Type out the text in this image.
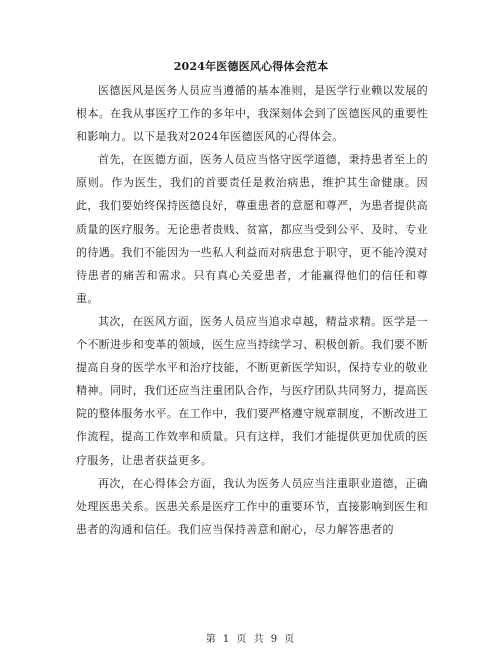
2024年医德医风心得体会范本

医德医风是医务人员应当遵循的基本准则，是医学行业赖以发展的根本。在我从事医疗工作的多年中，我深刻体会到了医德医风的重要性和影响力。以下是我对2024年医德医风的心得体会。

首先，在医德方面，医务人员应当恪守医学道德，秉持患者至上的原则。作为医生，我们的首要责任是救治病患，维护其生命健康。因此，我们要始终保持医德良好，尊重患者的意愿和尊严，为患者提供高质量的医疗服务。无论患者贵贱、贫富，都应当受到公平、及时、专业的待遇。我们不能因为一些私人利益而对病患怠于职守，更不能冷漠对待患者的痛苦和需求。只有真心关爱患者，才能赢得他们的信任和尊重。

其次，在医风方面，医务人员应当追求卓越，精益求精。医学是一个不断进步和变革的领域，医生应当持续学习、积极创新。我们要不断提高自身的医学水平和治疗技能，不断更新医学知识，保持专业的敬业精神。同时，我们还应当注重团队合作，与医疗团队共同努力，提高医院的整体服务水平。在工作中，我们要严格遵守规章制度，不断改进工作流程，提高工作效率和质量。只有这样，我们才能提供更加优质的医疗服务，让患者获益更多。

再次，在心得体会方面，我认为医务人员应当注重职业道德，正确处理医患关系。医患关系是医疗工作中的重要环节，直接影响到医生和患者的沟通和信任。我们应当保持善意和耐心，尽力解答患者的

第 1 页 共 9 页
